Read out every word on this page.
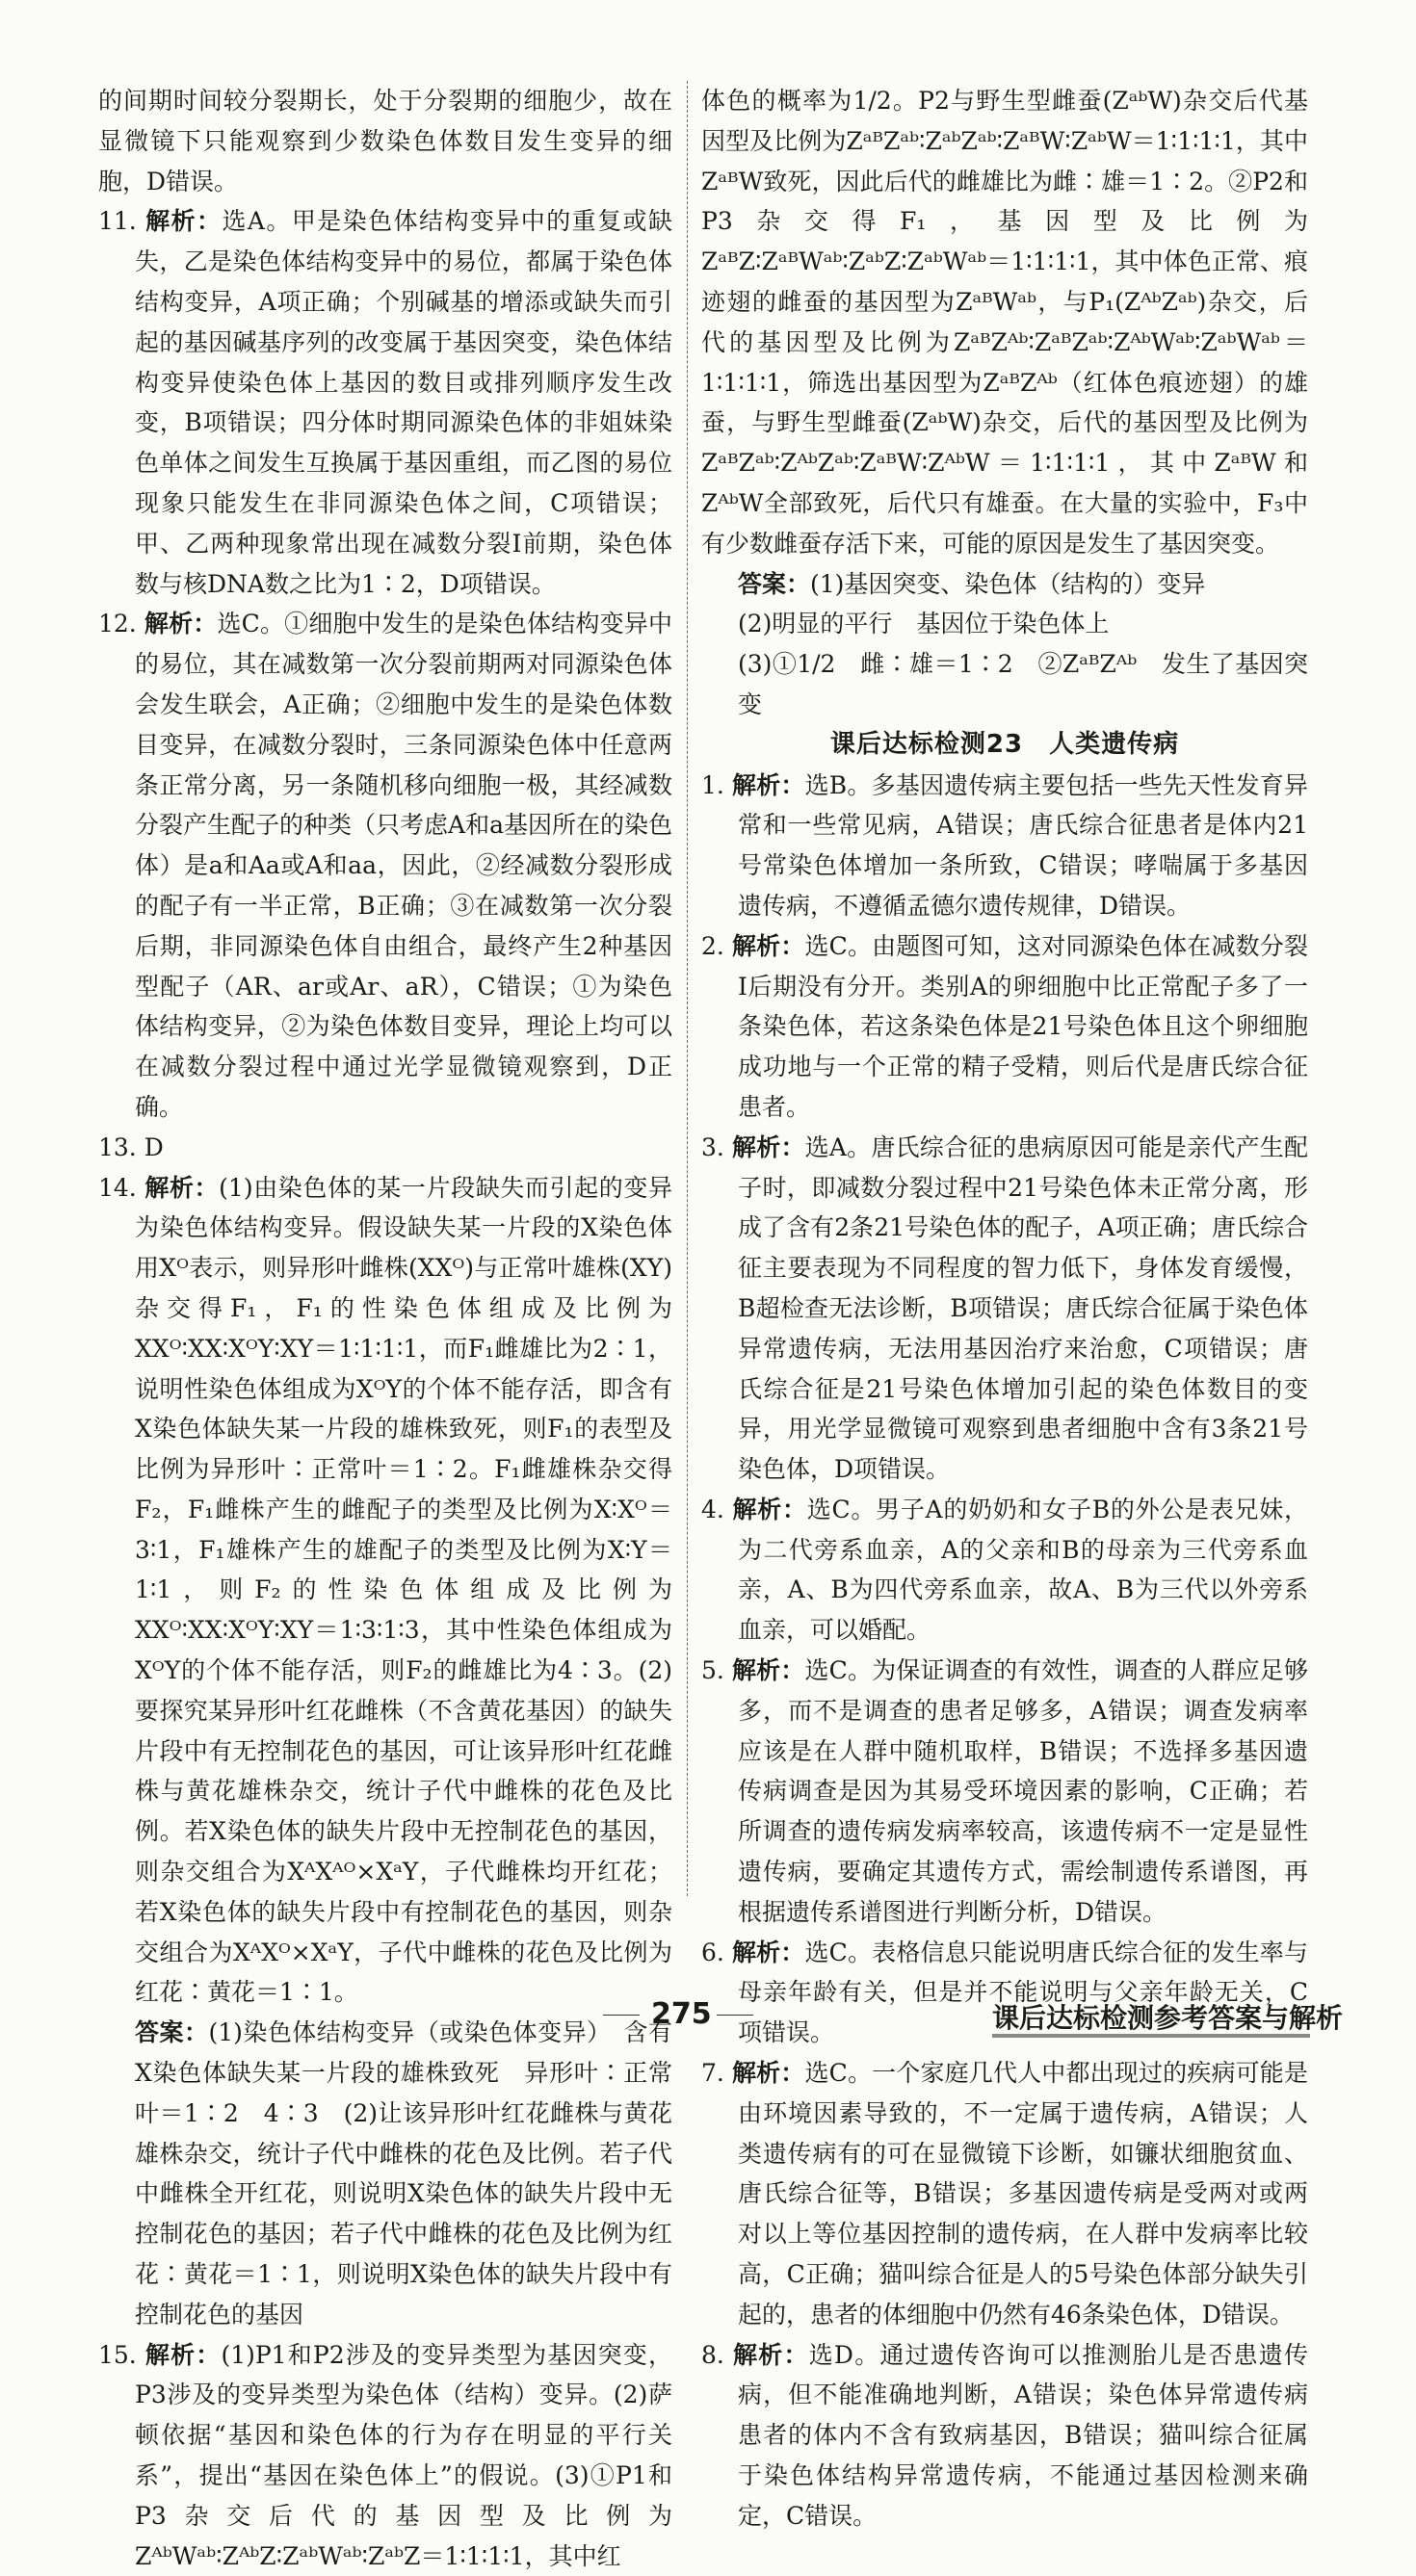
的间期时间较分裂期长，处于分裂期的细胞少，故在显微镜下只能观察到少数染色体数目发生变异的细胞，D错误。

11. 解析：选A。甲是染色体结构变异中的重复或缺失，乙是染色体结构变异中的易位，都属于染色体结构变异，A项正确；个别碱基的增添或缺失而引起的基因碱基序列的改变属于基因突变，染色体结构变异使染色体上基因的数目或排列顺序发生改变，B项错误；四分体时期同源染色体的非姐妹染色单体之间发生互换属于基因重组，而乙图的易位现象只能发生在非同源染色体之间，C项错误；甲、乙两种现象常出现在减数分裂Ⅰ前期，染色体数与核DNA数之比为1∶2，D项错误。

12. 解析：选C。①细胞中发生的是染色体结构变异中的易位，其在减数第一次分裂前期两对同源染色体会发生联会，A正确；②细胞中发生的是染色体数目变异，在减数分裂时，三条同源染色体中任意两条正常分离，另一条随机移向细胞一极，其经减数分裂产生配子的种类（只考虑A和a基因所在的染色体）是a和Aa或A和aa，因此，②经减数分裂形成的配子有一半正常，B正确；③在减数第一次分裂后期，非同源染色体自由组合，最终产生2种基因型配子（AR、ar或Ar、aR），C错误；①为染色体结构变异，②为染色体数目变异，理论上均可以在减数分裂过程中通过光学显微镜观察到，D正确。

13. D

14. 解析：(1)由染色体的某一片段缺失而引起的变异为染色体结构变异。假设缺失某一片段的X染色体用Xᴼ表示，则异形叶雌株(XXᴼ)与正常叶雄株(XY)杂交得F₁，F₁的性染色体组成及比例为XXᴼ∶XX∶XᴼY∶XY＝1∶1∶1∶1，而F₁雌雄比为2∶1，说明性染色体组成为XᴼY的个体不能存活，即含有X染色体缺失某一片段的雄株致死，则F₁的表型及比例为异形叶∶正常叶＝1∶2。F₁雌雄株杂交得F₂，F₁雌株产生的雌配子的类型及比例为X∶Xᴼ＝3∶1，F₁雄株产生的雄配子的类型及比例为X∶Y＝1∶1，则F₂的性染色体组成及比例为XXᴼ∶XX∶XᴼY∶XY＝1∶3∶1∶3，其中性染色体组成为XᴼY的个体不能存活，则F₂的雌雄比为4∶3。(2)要探究某异形叶红花雌株（不含黄花基因）的缺失片段中有无控制花色的基因，可让该异形叶红花雌株与黄花雄株杂交，统计子代中雌株的花色及比例。若X染色体的缺失片段中无控制花色的基因，则杂交组合为XᴬXᴬᴼ×XᵃY，子代雌株均开红花；若X染色体的缺失片段中有控制花色的基因，则杂交组合为XᴬXᴼ×XᵃY，子代中雌株的花色及比例为红花∶黄花＝1∶1。

答案：(1)染色体结构变异（或染色体变异）　含有X染色体缺失某一片段的雄株致死　异形叶∶正常叶＝1∶2　4∶3　(2)让该异形叶红花雌株与黄花雄株杂交，统计子代中雌株的花色及比例。若子代中雌株全开红花，则说明X染色体的缺失片段中无控制花色的基因；若子代中雌株的花色及比例为红花∶黄花＝1∶1，则说明X染色体的缺失片段中有控制花色的基因

15. 解析：(1)P1和P2涉及的变异类型为基因突变，P3涉及的变异类型为染色体（结构）变异。(2)萨顿依据“基因和染色体的行为存在明显的平行关系”，提出“基因在染色体上”的假说。(3)①P1和P3杂交后代的基因型及比例为ZᴬᵇWᵃᵇ∶ZᴬᵇZ∶ZᵃᵇWᵃᵇ∶ZᵃᵇZ＝1∶1∶1∶1，其中红

体色的概率为1/2。P2与野生型雌蚕(ZᵃᵇW)杂交后代基因型及比例为ZᵃᴮZᵃᵇ∶ZᵃᵇZᵃᵇ∶ZᵃᴮW∶ZᵃᵇW＝1∶1∶1∶1，其中ZᵃᴮW致死，因此后代的雌雄比为雌∶雄＝1∶2。②P2和P3杂交得F₁，基因型及比例为ZᵃᴮZ∶ZᵃᴮWᵃᵇ∶ZᵃᵇZ∶ZᵃᵇWᵃᵇ＝1∶1∶1∶1，其中体色正常、痕迹翅的雌蚕的基因型为ZᵃᴮWᵃᵇ，与P₁(ZᴬᵇZᵃᵇ)杂交，后代的基因型及比例为ZᵃᴮZᴬᵇ∶ZᵃᴮZᵃᵇ∶ZᴬᵇWᵃᵇ∶ZᵃᵇWᵃᵇ＝1∶1∶1∶1，筛选出基因型为ZᵃᴮZᴬᵇ（红体色痕迹翅）的雄蚕，与野生型雌蚕(ZᵃᵇW)杂交，后代的基因型及比例为ZᵃᴮZᵃᵇ∶ZᴬᵇZᵃᵇ∶ZᵃᴮW∶ZᴬᵇW＝1∶1∶1∶1，其中ZᵃᴮW和ZᴬᵇW全部致死，后代只有雄蚕。在大量的实验中，F₃中有少数雌蚕存活下来，可能的原因是发生了基因突变。

答案：(1)基因突变、染色体（结构的）变异

(2)明显的平行　基因位于染色体上

(3)①1/2　雌∶雄＝1∶2　②ZᵃᴮZᴬᵇ　发生了基因突变

课后达标检测23　人类遗传病

1. 解析：选B。多基因遗传病主要包括一些先天性发育异常和一些常见病，A错误；唐氏综合征患者是体内21号常染色体增加一条所致，C错误；哮喘属于多基因遗传病，不遵循孟德尔遗传规律，D错误。

2. 解析：选C。由题图可知，这对同源染色体在减数分裂Ⅰ后期没有分开。类别A的卵细胞中比正常配子多了一条染色体，若这条染色体是21号染色体且这个卵细胞成功地与一个正常的精子受精，则后代是唐氏综合征患者。

3. 解析：选A。唐氏综合征的患病原因可能是亲代产生配子时，即减数分裂过程中21号染色体未正常分离，形成了含有2条21号染色体的配子，A项正确；唐氏综合征主要表现为不同程度的智力低下，身体发育缓慢，B超检查无法诊断，B项错误；唐氏综合征属于染色体异常遗传病，无法用基因治疗来治愈，C项错误；唐氏综合征是21号染色体增加引起的染色体数目的变异，用光学显微镜可观察到患者细胞中含有3条21号染色体，D项错误。

4. 解析：选C。男子A的奶奶和女子B的外公是表兄妹，为二代旁系血亲，A的父亲和B的母亲为三代旁系血亲，A、B为四代旁系血亲，故A、B为三代以外旁系血亲，可以婚配。

5. 解析：选C。为保证调查的有效性，调查的人群应足够多，而不是调查的患者足够多，A错误；调查发病率应该是在人群中随机取样，B错误；不选择多基因遗传病调查是因为其易受环境因素的影响，C正确；若所调查的遗传病发病率较高，该遗传病不一定是显性遗传病，要确定其遗传方式，需绘制遗传系谱图，再根据遗传系谱图进行判断分析，D错误。

6. 解析：选C。表格信息只能说明唐氏综合征的发生率与母亲年龄有关，但是并不能说明与父亲年龄无关，C项错误。

7. 解析：选C。一个家庭几代人中都出现过的疾病可能是由环境因素导致的，不一定属于遗传病，A错误；人类遗传病有的可在显微镜下诊断，如镰状细胞贫血、唐氏综合征等，B错误；多基因遗传病是受两对或两对以上等位基因控制的遗传病，在人群中发病率比较高，C正确；猫叫综合征是人的5号染色体部分缺失引起的，患者的体细胞中仍然有46条染色体，D错误。

8. 解析：选D。通过遗传咨询可以推测胎儿是否患遗传病，但不能准确地判断，A错误；染色体异常遗传病患者的体内不含有致病基因，B错误；猫叫综合征属于染色体结构异常遗传病，不能通过基因检测来确定，C错误。

275	课后达标检测参考答案与解析
